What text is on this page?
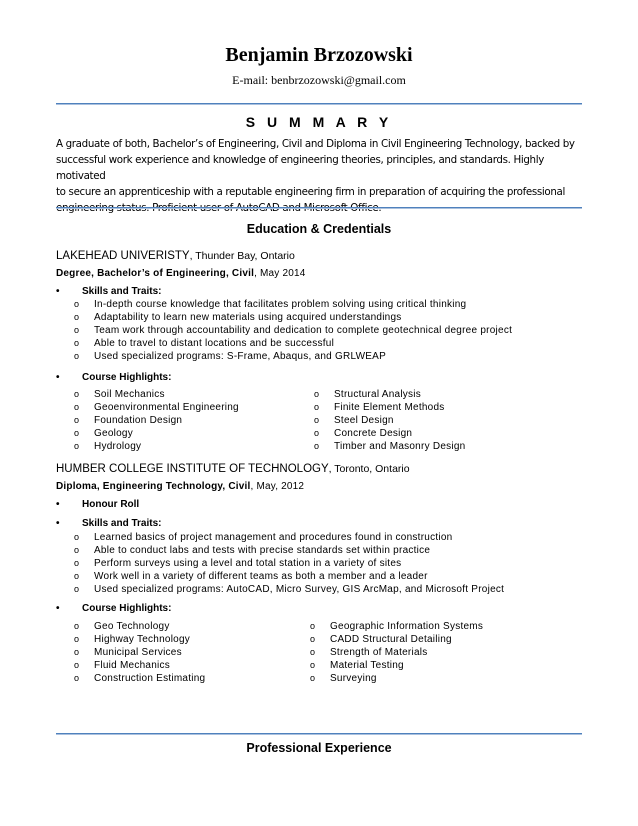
Benjamin Brzozowski
E-mail: benbrzozowski@gmail.com
S U M M A R Y
A graduate of both, Bachelor’s of Engineering, Civil and Diploma in Civil Engineering Technology, backed by
successful work experience and knowledge of engineering theories, principles, and standards. Highly motivated
to secure an apprenticeship with a reputable engineering firm in preparation of acquiring the professional
engineering status. Proficient user of AutoCAD and Microsoft Office.
Education & Credentials
LAKEHEAD UNIVERISTY, Thunder Bay, Ontario
Degree, Bachelor’s of Engineering, Civil, May 2014
• Skills and Traits:
o In-depth course knowledge that facilitates problem solving using critical thinking
o Adaptability to learn new materials using acquired understandings
o Team work through accountability and dedication to complete geotechnical degree project
o Able to travel to distant locations and be successful
o Used specialized programs: S-Frame, Abaqus, and GRLWEAP
• Course Highlights:
o Soil Mechanics
o Geoenvironmental Engineering
o Foundation Design
o Geology
o Hydrology
o Structural Analysis
o Finite Element Methods
o Steel Design
o Concrete Design
o Timber and Masonry Design
HUMBER COLLEGE INSTITUTE OF TECHNOLOGY, Toronto, Ontario
Diploma, Engineering Technology, Civil, May, 2012
• Honour Roll
• Skills and Traits:
o Learned basics of project management and procedures found in construction
o Able to conduct labs and tests with precise standards set within practice
o Perform surveys using a level and total station in a variety of sites
o Work well in a variety of different teams as both a member and a leader
o Used specialized programs: AutoCAD, Micro Survey, GIS ArcMap, and Microsoft Project
• Course Highlights:
o Geo Technology
o Highway Technology
o Municipal Services
o Fluid Mechanics
o Construction Estimating
o Geographic Information Systems
o CADD Structural Detailing
o Strength of Materials
o Material Testing
o Surveying
Professional Experience
